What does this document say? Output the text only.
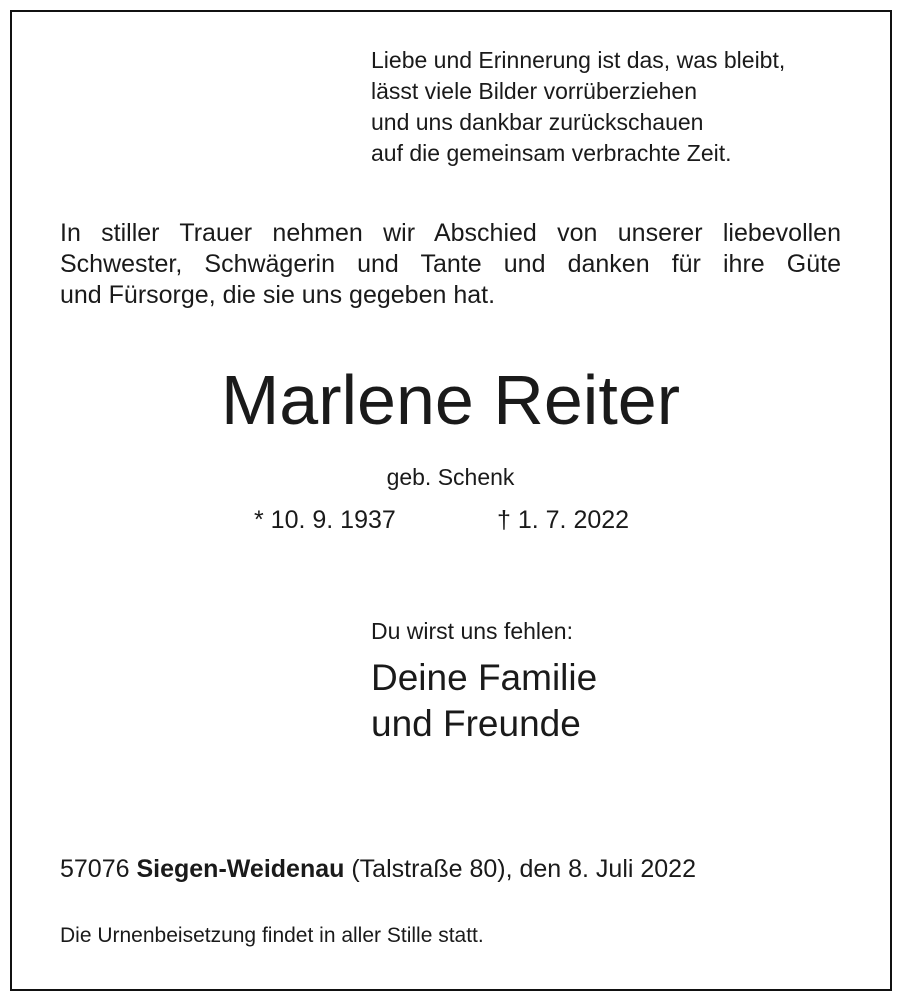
Liebe und Erinnerung ist das, was bleibt,
lässt viele Bilder vorrüberziehen
und uns dankbar zurückschauen
auf die gemeinsam verbrachte Zeit.
In stiller Trauer nehmen wir Abschied von unserer liebevollen
Schwester, Schwägerin und Tante und danken für ihre Güte
und Fürsorge, die sie uns gegeben hat.
Marlene Reiter
geb. Schenk
* 10. 9. 1937	† 1. 7. 2022
Du wirst uns fehlen:
Deine Familie
und Freunde
57076 Siegen-Weidenau (Talstraße 80), den 8. Juli 2022
Die Urnenbeisetzung findet in aller Stille statt.
